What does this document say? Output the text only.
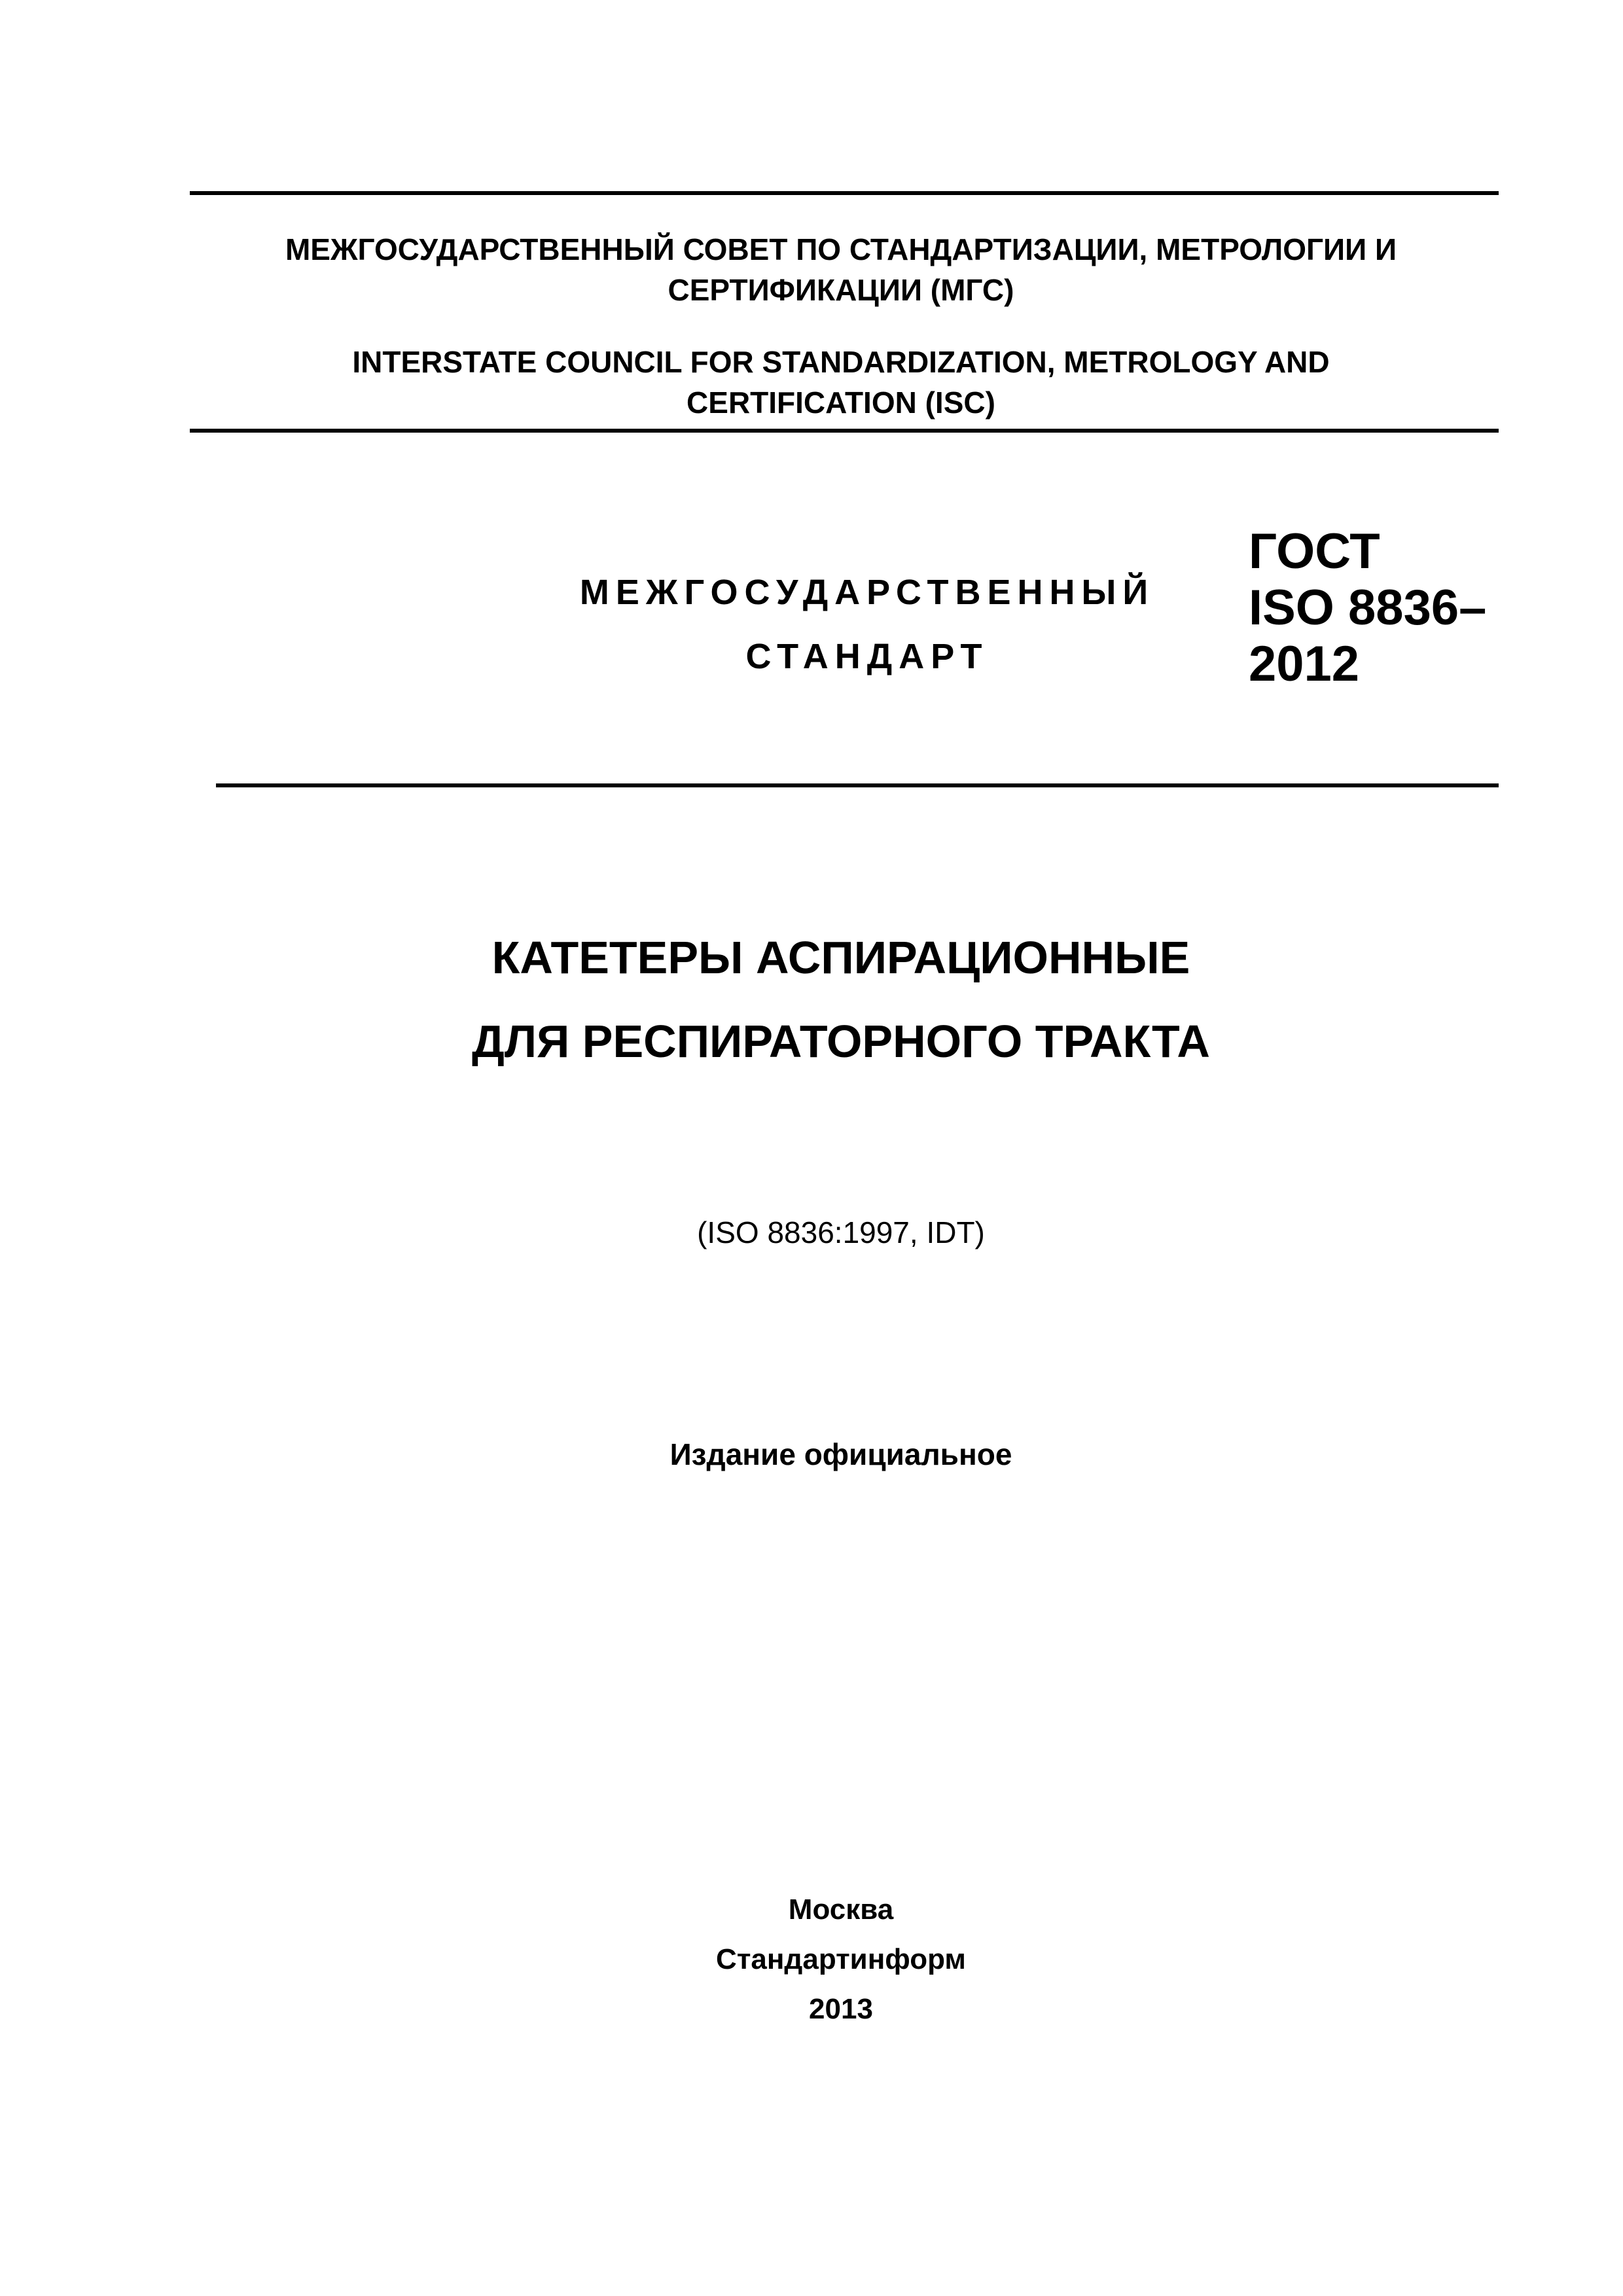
МЕЖГОСУДАРСТВЕННЫЙ СОВЕТ ПО СТАНДАРТИЗАЦИИ, МЕТРОЛОГИИ И
СЕРТИФИКАЦИИ (МГС)
INTERSTATE COUNCIL FOR STANDARDIZATION, METROLOGY AND
CERTIFICATION (ISC)
МЕЖГОСУДАРСТВЕННЫЙ
СТАНДАРТ
ГОСТ
ISO 8836–
2012
КАТЕТЕРЫ АСПИРАЦИОННЫЕ
ДЛЯ РЕСПИРАТОРНОГО ТРАКТА
(ISO 8836:1997, IDT)
Издание официальное
Москва
Стандартинформ
2013
